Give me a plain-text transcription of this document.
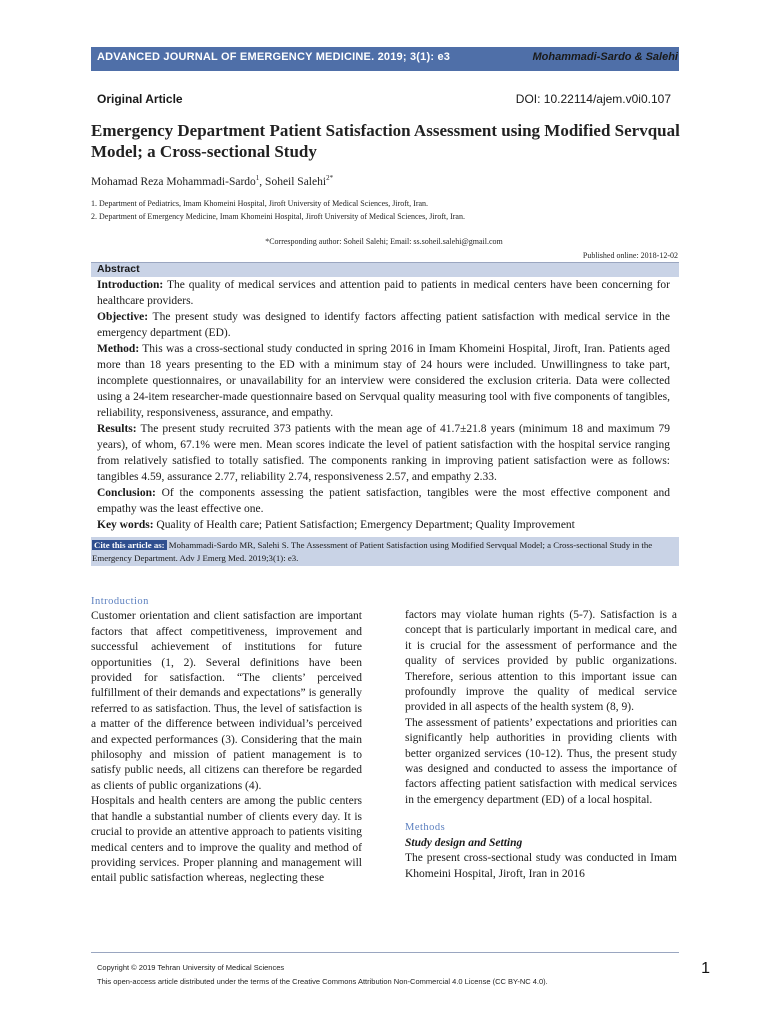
ADVANCED JOURNAL OF EMERGENCY MEDICINE. 2019; 3(1): e3	Mohammadi-Sardo & Salehi
Original Article	DOI: 10.22114/ajem.v0i0.107
Emergency Department Patient Satisfaction Assessment using Modified Servqual Model; a Cross-sectional Study
Mohamad Reza Mohammadi-Sardo$^1$, Soheil Salehi$^{2*}$
1. Department of Pediatrics, Imam Khomeini Hospital, Jiroft University of Medical Sciences, Jiroft, Iran.
2. Department of Emergency Medicine, Imam Khomeini Hospital, Jiroft University of Medical Sciences, Jiroft, Iran.
*Corresponding author: Soheil Salehi; Email: ss.soheil.salehi@gmail.com
Published online: 2018-12-02
Abstract

Introduction: The quality of medical services and attention paid to patients in medical centers have been concerning for healthcare providers.

Objective: The present study was designed to identify factors affecting patient satisfaction with medical service in the emergency department (ED).

Method: This was a cross-sectional study conducted in spring 2016 in Imam Khomeini Hospital, Jiroft, Iran. Patients aged more than 18 years presenting to the ED with a minimum stay of 24 hours were included. Unwillingness to take part, incomplete questionnaires, or unavailability for an interview were considered the exclusion criteria. Data were collected using a 24-item researcher-made questionnaire based on Servqual quality measuring tool with five components of tangibles, reliability, responsiveness, assurance, and empathy.

Results: The present study recruited 373 patients with the mean age of 41.7±21.8 years (minimum 18 and maximum 79 years), of whom, 67.1% were men. Mean scores indicate the level of patient satisfaction with the hospital service ranging from relatively satisfied to totally satisfied. The components ranking in improving patient satisfaction were as follows: tangibles 4.59, assurance 2.77, reliability 2.74, responsiveness 2.57, and empathy 2.33.

Conclusion: Of the components assessing the patient satisfaction, tangibles were the most effective component and empathy was the least effective one.

Key words: Quality of Health care; Patient Satisfaction; Emergency Department; Quality Improvement

Cite this article as: Mohammadi-Sardo MR, Salehi S. The Assessment of Patient Satisfaction using Modified Servqual Model; a Cross-sectional Study in the Emergency Department. Adv J Emerg Med. 2019;3(1): e3.

Introduction

Customer orientation and client satisfaction are important factors that affect competitiveness, improvement and successful achievement of institutions for future opportunities (1, 2). Several definitions have been provided for satisfaction. “The clients’ perceived fulfillment of their demands and expectations” is generally referred to as satisfaction. Thus, the level of satisfaction is a matter of the difference between individual’s perceived and expected performances (3). Considering that the main philosophy and mission of patient management is to satisfy public needs, all citizens can therefore be regarded as clients of public organizations (4).

Hospitals and health centers are among the public centers that handle a substantial number of clients every day. It is crucial to provide an attentive approach to patients visiting medical centers and to improve the quality and method of providing services. Proper planning and management will entail public satisfaction whereas, neglecting these

factors may violate human rights (5-7). Satisfaction is a concept that is particularly important in medical care, and it is crucial for the assessment of performance and the quality of services provided by public organizations. Therefore, serious attention to this important issue can profoundly improve the quality of medical service provided in all aspects of the health system (8, 9).

The assessment of patients’ expectations and priorities can significantly help authorities in providing clients with better organized services (10-12). Thus, the present study was designed and conducted to assess the importance of factors affecting patient satisfaction with medical services in the emergency department (ED) of a local hospital.

Methods

Study design and Setting

The present cross-sectional study was conducted in Imam Khomeini Hospital, Jiroft, Iran in 2016

Copyright © 2019 Tehran University of Medical Sciences
This open-access article distributed under the terms of the Creative Commons Attribution Non-Commercial 4.0 License (CC BY-NC 4.0).
1
